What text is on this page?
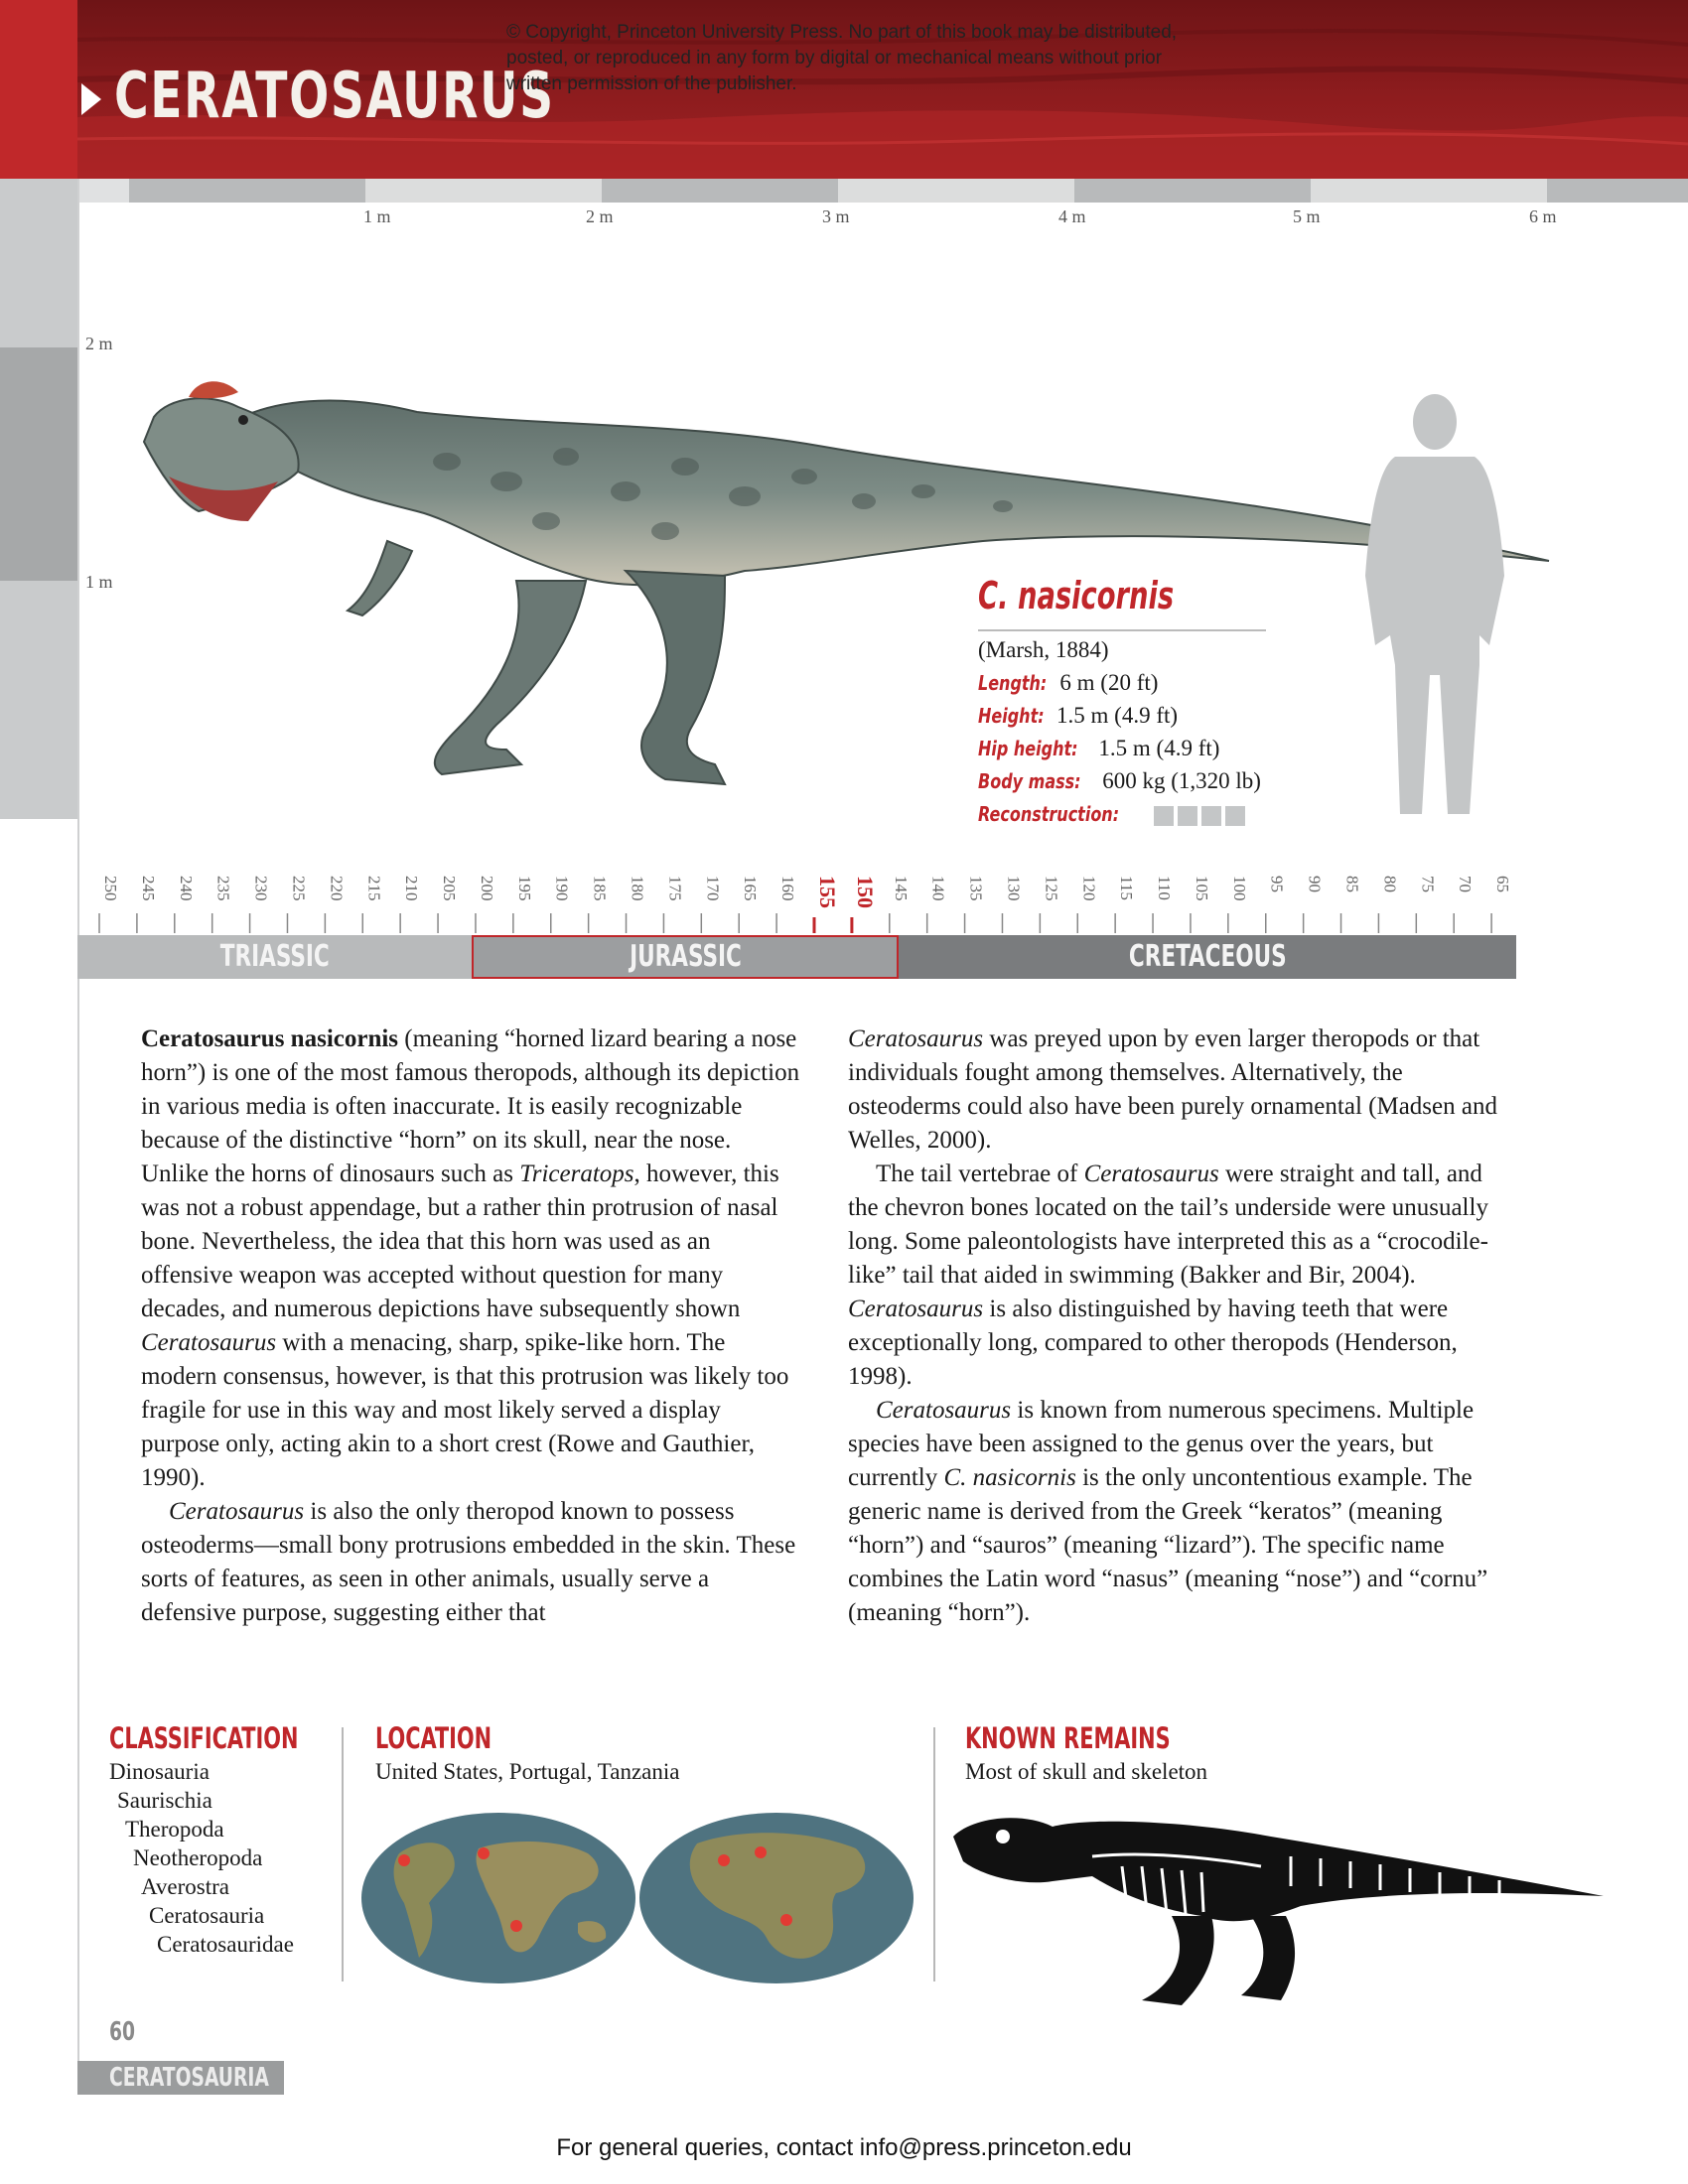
CERATOSAURUS
© Copyright, Princeton University Press. No part of this book may be distributed, posted, or reproduced in any form by digital or mechanical means without prior written permission of the publisher.
1 m	2 m	3 m	4 m	5 m	6 m
2 m
1 m	C. nasicornis
(Marsh, 1884)
Length: 6 m (20 ft)
Height: 1.5 m (4.9 ft)
Hip height: 1.5 m (4.9 ft)
Body mass: 600 kg (1,320 lb)
Reconstruction:
250 245 240 235 230 225 220 215 210 205 200 195 190 185 180 175 170 165 160 155 150 145 140 135 130 125 120 115 110 105 100 95 90 85 80 75 70 65
TRIASSIC	JURASSIC	CRETACEOUS

Ceratosaurus nasicornis (meaning “horned lizard bearing a nose horn”) is one of the most famous theropods, although its depiction in various media is often inaccurate. It is easily recognizable because of the distinctive “horn” on its skull, near the nose. Unlike the horns of dinosaurs such as Triceratops, however, this was not a robust appendage, but a rather thin protrusion of nasal bone. Nevertheless, the idea that this horn was used as an offensive weapon was accepted without question for many decades, and numerous depictions have subsequently shown Ceratosaurus with a menacing, sharp, spike-like horn. The modern consensus, however, is that this protrusion was likely too fragile for use in this way and most likely served a display purpose only, acting akin to a short crest (Rowe and Gauthier, 1990).

Ceratosaurus is also the only theropod known to possess osteoderms—small bony protrusions embedded in the skin. These sorts of features, as seen in other animals, usually serve a defensive purpose, suggesting either that

Ceratosaurus was preyed upon by even larger theropods or that individuals fought among themselves. Alternatively, the osteoderms could also have been purely ornamental (Madsen and Welles, 2000).

The tail vertebrae of Ceratosaurus were straight and tall, and the chevron bones located on the tail’s underside were unusually long. Some paleontologists have interpreted this as a “crocodile-like” tail that aided in swimming (Bakker and Bir, 2004). Ceratosaurus is also distinguished by having teeth that were exceptionally long, compared to other theropods (Henderson, 1998).

Ceratosaurus is known from numerous specimens. Multiple species have been assigned to the genus over the years, but currently C. nasicornis is the only uncontentious example. The generic name is derived from the Greek “keratos” (meaning “horn”) and “sauros” (meaning “lizard”). The specific name combines the Latin word “nasus” (meaning “nose”) and “cornu” (meaning “horn”).

CLASSIFICATION
Dinosauria
Saurischia
Theropoda
Neotheropoda
Averostra
Ceratosauria
Ceratosauridae
LOCATION
United States, Portugal, Tanzania
KNOWN REMAINS
Most of skull and skeleton
60
CERATOSAURIA
For general queries, contact info@press.princeton.edu
